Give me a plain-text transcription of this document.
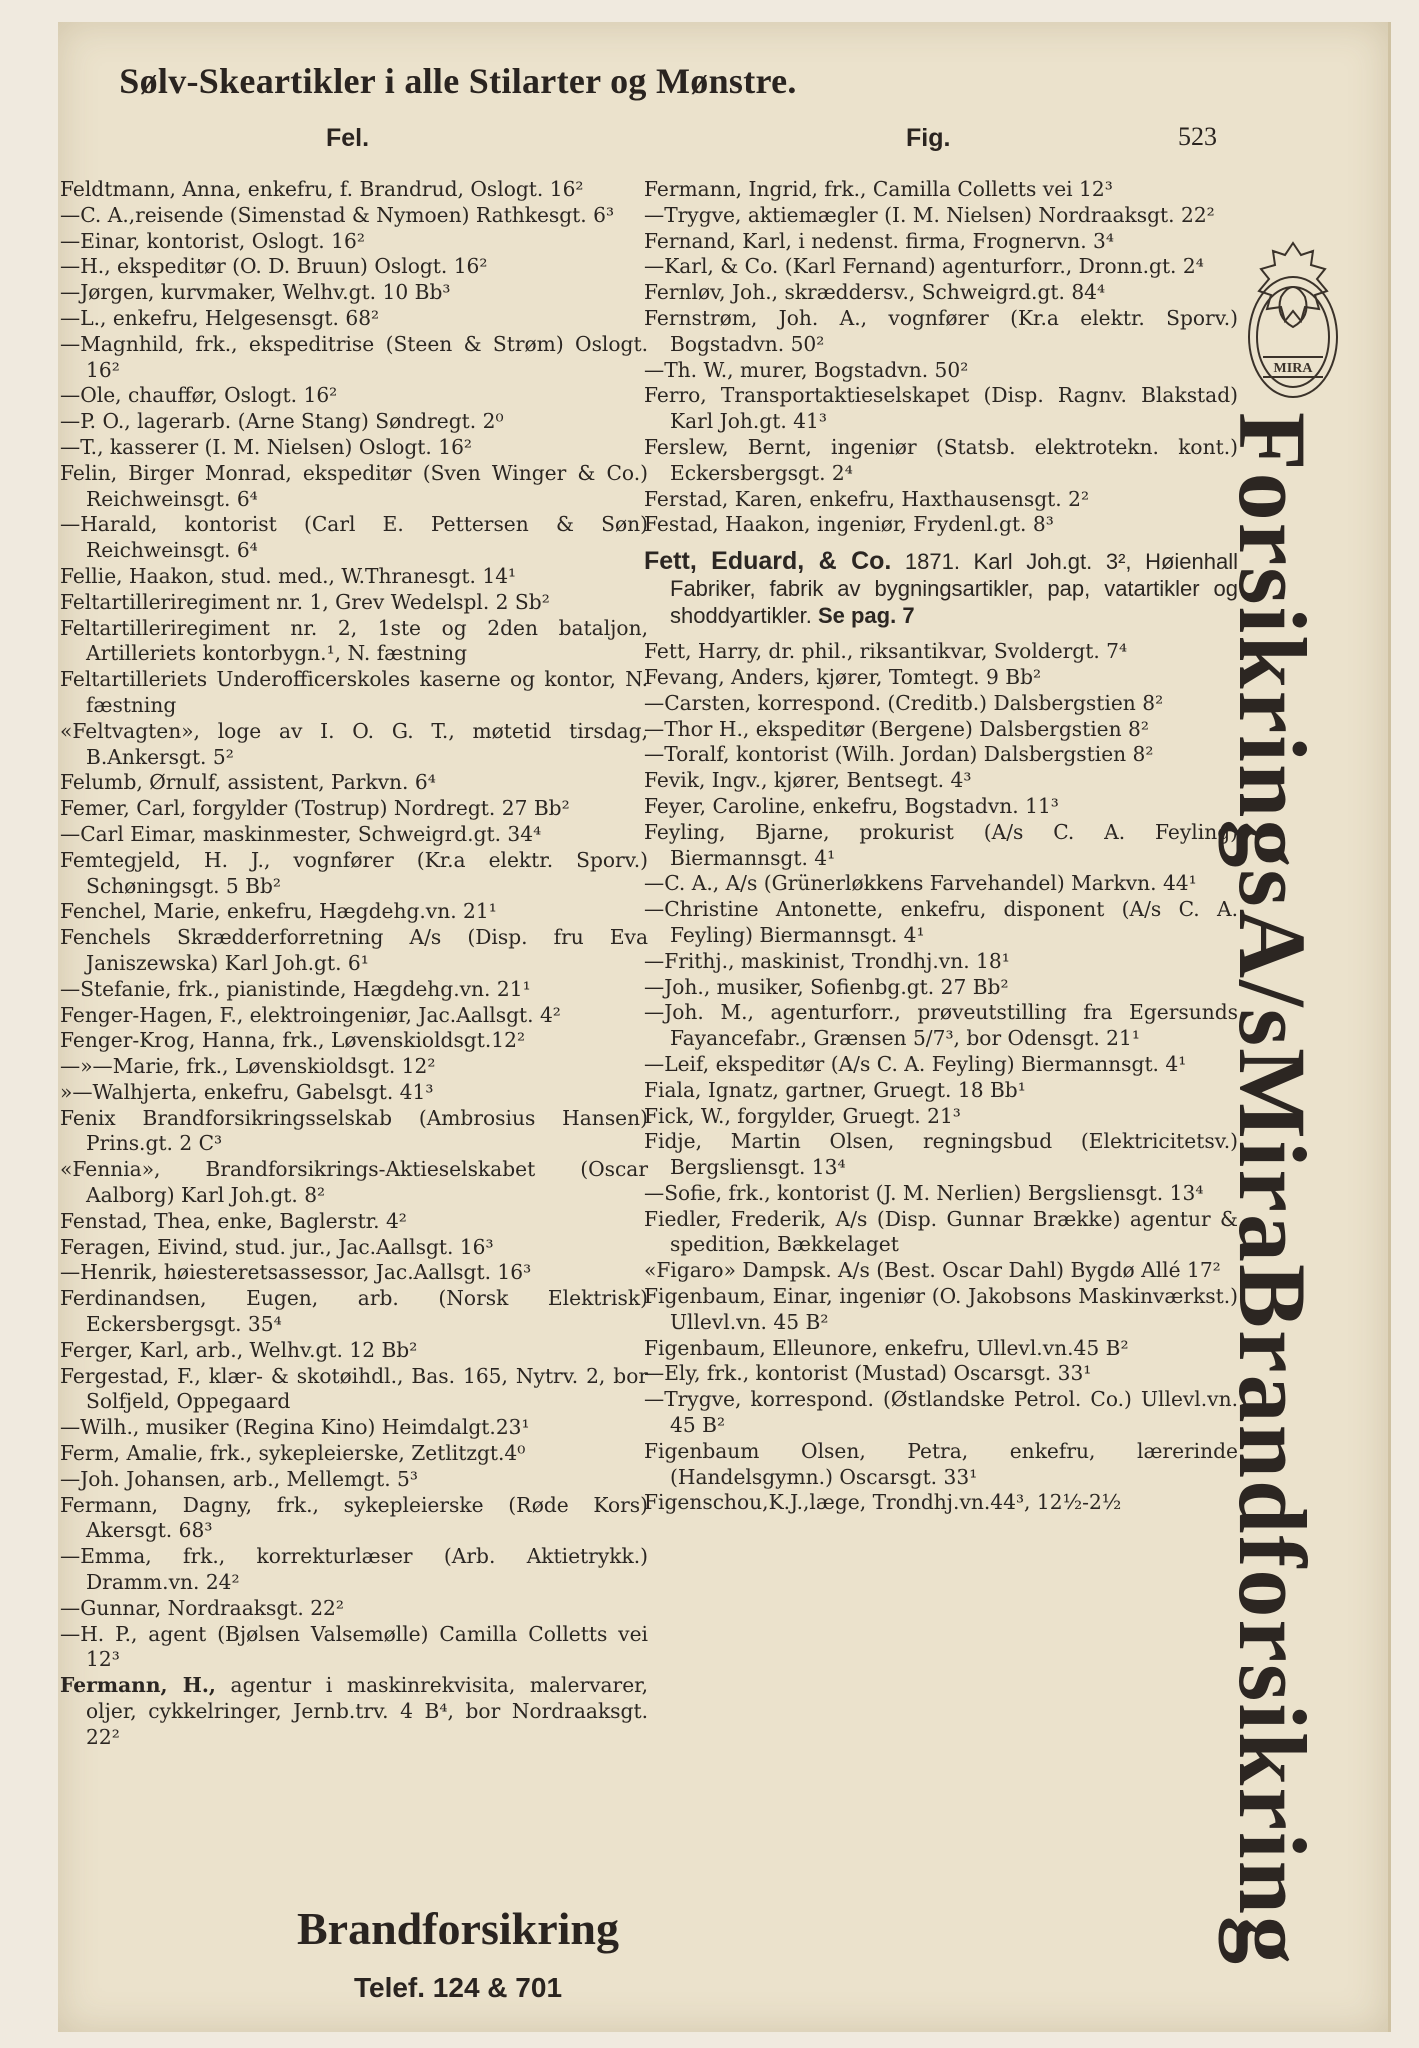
Sølv-Skeartikler i alle Stilarter og Mønstre.
Fel.	Fig.	523

Feldtmann, Anna, enkefru, f. Brandrud, Oslogt. 16²

—C. A.,reisende (Simenstad & Nymoen) Rathkesgt. 6³

—Einar, kontorist, Oslogt. 16²

—H., ekspeditør (O. D. Bruun) Oslogt. 16²

—Jørgen, kurvmaker, Welhv.gt. 10 Bb³

—L., enkefru, Helgesensgt. 68²

—Magnhild, frk., ekspeditrise (Steen & Strøm) Oslogt. 16²

—Ole, chauffør, Oslogt. 16²

—P. O., lagerarb. (Arne Stang) Søndregt. 2⁰

—T., kasserer (I. M. Nielsen) Oslogt. 16²

Felin, Birger Monrad, ekspeditør (Sven Winger & Co.) Reichweinsgt. 6⁴

—Harald, kontorist (Carl E. Pettersen & Søn) Reichweinsgt. 6⁴

Fellie, Haakon, stud. med., W.Thranesgt. 14¹

Feltartilleriregiment nr. 1, Grev Wedelspl. 2 Sb²

Feltartilleriregiment nr. 2, 1ste og 2den bataljon, Artilleriets kontorbygn.¹, N. fæstning

Feltartilleriets Underofficerskoles kaserne og kontor, N. fæstning

«Feltvagten», loge av I. O. G. T., møtetid tirsdag, B.Ankersgt. 5²

Felumb, Ørnulf, assistent, Parkvn. 6⁴

Femer, Carl, forgylder (Tostrup) Nordregt. 27 Bb²

—Carl Eimar, maskinmester, Schweigrd.gt. 34⁴

Femtegjeld, H. J., vognfører (Kr.a elektr. Sporv.) Schøningsgt. 5 Bb²

Fenchel, Marie, enkefru, Hægdehg.vn. 21¹

Fenchels Skrædderforretning A/s (Disp. fru Eva Janiszewska) Karl Joh.gt. 6¹

—Stefanie, frk., pianistinde, Hægdehg.vn. 21¹

Fenger-Hagen, F., elektroingeniør, Jac.Aallsgt. 4²

Fenger-Krog, Hanna, frk., Løvenskioldsgt.12²

—»—Marie, frk., Løvenskioldsgt. 12²

»—Walhjerta, enkefru, Gabelsgt. 41³

Fenix Brandforsikringsselskab (Ambrosius Hansen) Prins.gt. 2 C³

«Fennia», Brandforsikrings-Aktieselskabet (Oscar Aalborg) Karl Joh.gt. 8²

Fenstad, Thea, enke, Baglerstr. 4²

Feragen, Eivind, stud. jur., Jac.Aallsgt. 16³

—Henrik, høiesteretsassessor, Jac.Aallsgt. 16³

Ferdinandsen, Eugen, arb. (Norsk Elektrisk) Eckersbergsgt. 35⁴

Ferger, Karl, arb., Welhv.gt. 12 Bb²

Fergestad, F., klær- & skotøihdl., Bas. 165, Nytrv. 2, bor Solfjeld, Oppegaard

—Wilh., musiker (Regina Kino) Heimdalgt.23¹

Ferm, Amalie, frk., sykepleierske, Zetlitzgt.4⁰

—Joh. Johansen, arb., Mellemgt. 5³

Fermann, Dagny, frk., sykepleierske (Røde Kors) Akersgt. 68³

—Emma, frk., korrekturlæser (Arb. Aktietrykk.) Dramm.vn. 24²

—Gunnar, Nordraaksgt. 22²

—H. P., agent (Bjølsen Valsemølle) Camilla Colletts vei 12³

Fermann, H., agentur i maskinrekvisita, malervarer, oljer, cykkelringer, Jernb.trv. 4 B⁴, bor Nordraaksgt. 22²

Fermann, Ingrid, frk., Camilla Colletts vei 12³

—Trygve, aktiemægler (I. M. Nielsen) Nordraaksgt. 22²

Fernand, Karl, i nedenst. firma, Frognervn. 3⁴

—Karl, & Co. (Karl Fernand) agenturforr., Dronn.gt. 2⁴

Fernløv, Joh., skræddersv., Schweigrd.gt. 84⁴

Fernstrøm, Joh. A., vognfører (Kr.a elektr. Sporv.) Bogstadvn. 50²

—Th. W., murer, Bogstadvn. 50²

Ferro, Transportaktieselskapet (Disp. Ragnv. Blakstad) Karl Joh.gt. 41³

Ferslew, Bernt, ingeniør (Statsb. elektrotekn. kont.) Eckersbergsgt. 2⁴

Ferstad, Karen, enkefru, Haxthausensgt. 2²

Festad, Haakon, ingeniør, Frydenl.gt. 8³

Fett, Eduard, & Co. 1871. Karl Joh.gt. 3², Høienhall Fabriker, fabrik av bygningsartikler, pap, vatartikler og shoddyartikler. Se pag. 7

Fett, Harry, dr. phil., riksantikvar, Svoldergt. 7⁴

Fevang, Anders, kjører, Tomtegt. 9 Bb²

—Carsten, korrespond. (Creditb.) Dalsbergstien 8²

—Thor H., ekspeditør (Bergene) Dalsbergstien 8²

—Toralf, kontorist (Wilh. Jordan) Dalsbergstien 8²

Fevik, Ingv., kjører, Bentsegt. 4³

Feyer, Caroline, enkefru, Bogstadvn. 11³

Feyling, Bjarne, prokurist (A/s C. A. Feyling) Biermannsgt. 4¹

—C. A., A/s (Grünerløkkens Farvehandel) Markvn. 44¹

—Christine Antonette, enkefru, disponent (A/s C. A. Feyling) Biermannsgt. 4¹

—Frithj., maskinist, Trondhj.vn. 18¹

—Joh., musiker, Sofienbg.gt. 27 Bb²

—Joh. M., agenturforr., prøveutstilling fra Egersunds Fayancefabr., Grænsen 5/7³, bor Odensgt. 21¹

—Leif, ekspeditør (A/s C. A. Feyling) Biermannsgt. 4¹

Fiala, Ignatz, gartner, Gruegt. 18 Bb¹

Fick, W., forgylder, Gruegt. 21³

Fidje, Martin Olsen, regningsbud (Elektricitetsv.) Bergsliensgt. 13⁴

—Sofie, frk., kontorist (J. M. Nerlien) Bergsliensgt. 13⁴

Fiedler, Frederik, A/s (Disp. Gunnar Brække) agentur & spedition, Bækkelaget

«Figaro» Dampsk. A/s (Best. Oscar Dahl) Bygdø Allé 17²

Figenbaum, Einar, ingeniør (O. Jakobsons Maskinværkst.) Ullevl.vn. 45 B²

Figenbaum, Elleunore, enkefru, Ullevl.vn.45 B²

—Ely, frk., kontorist (Mustad) Oscarsgt. 33¹

—Trygve, korrespond. (Østlandske Petrol. Co.) Ullevl.vn. 45 B²

Figenbaum Olsen, Petra, enkefru, lærerinde (Handelsgymn.) Oscarsgt. 33¹

Figenschou,K.J.,læge, Trondhj.vn.44³, 12½-2½

MIRA
Forsikrings
A/s
Mira
Brandforsikring
Brandforsikring
Telef. 124 & 701
